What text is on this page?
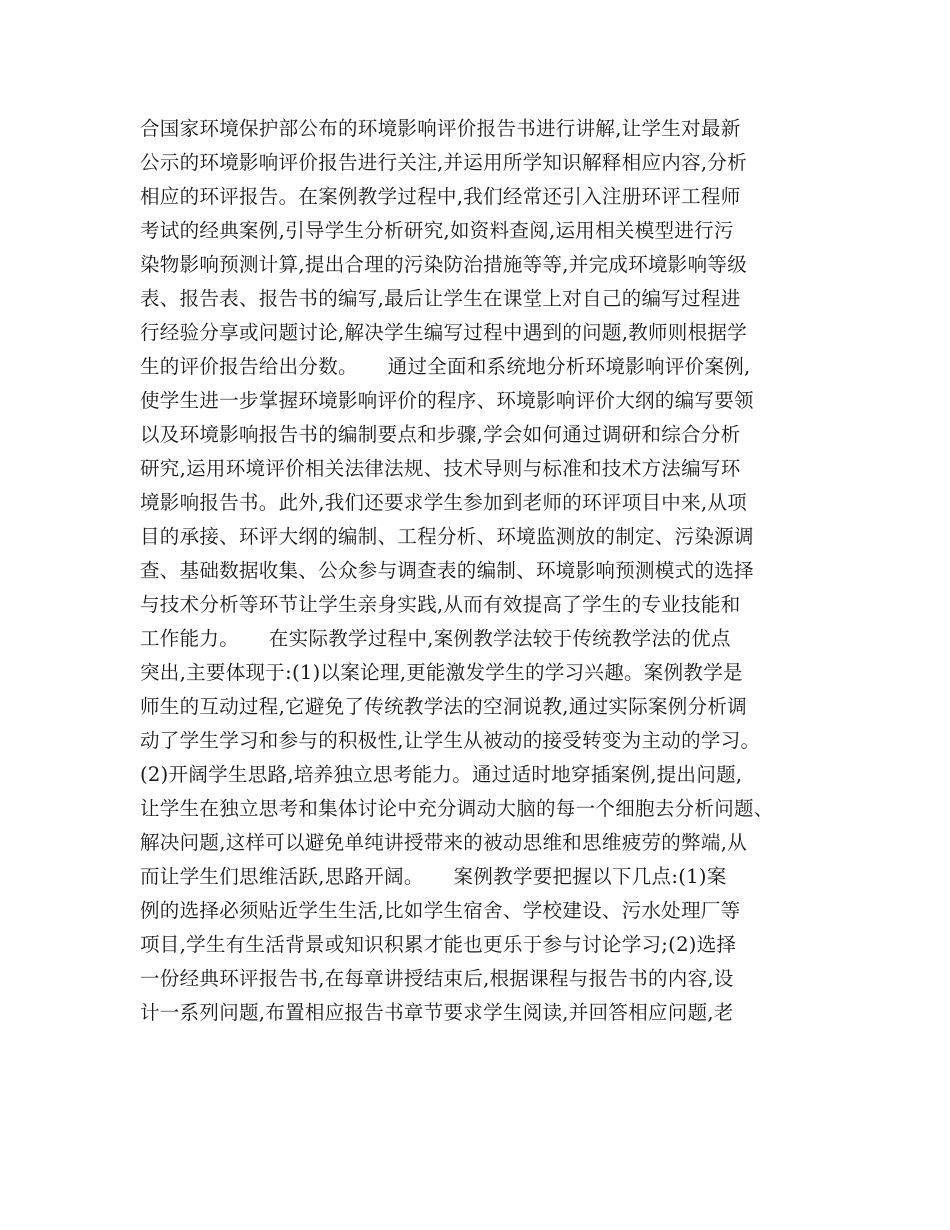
合国家环境保护部公布的环境影响评价报告书进行讲解,让学生对最新
公示的环境影响评价报告进行关注,并运用所学知识解释相应内容,分析
相应的环评报告。在案例教学过程中,我们经常还引入注册环评工程师
考试的经典案例,引导学生分析研究,如资料查阅,运用相关模型进行污
染物影响预测计算,提出合理的污染防治措施等等,并完成环境影响等级
表、报告表、报告书的编写,最后让学生在课堂上对自己的编写过程进
行经验分享或问题讨论,解决学生编写过程中遇到的问题,教师则根据学
生的评价报告给出分数。　　通过全面和系统地分析环境影响评价案例,
使学生进一步掌握环境影响评价的程序、环境影响评价大纲的编写要领
以及环境影响报告书的编制要点和步骤,学会如何通过调研和综合分析
研究,运用环境评价相关法律法规、技术导则与标准和技术方法编写环
境影响报告书。此外,我们还要求学生参加到老师的环评项目中来,从项
目的承接、环评大纲的编制、工程分析、环境监测放的制定、污染源调
查、基础数据收集、公众参与调查表的编制、环境影响预测模式的选择
与技术分析等环节让学生亲身实践,从而有效提高了学生的专业技能和
工作能力。　　在实际教学过程中,案例教学法较于传统教学法的优点
突出,主要体现于:(1)以案论理,更能激发学生的学习兴趣。案例教学是
师生的互动过程,它避免了传统教学法的空洞说教,通过实际案例分析调
动了学生学习和参与的积极性,让学生从被动的接受转变为主动的学习。
(2)开阔学生思路,培养独立思考能力。通过适时地穿插案例,提出问题,
让学生在独立思考和集体讨论中充分调动大脑的每一个细胞去分析问题、
解决问题,这样可以避免单纯讲授带来的被动思维和思维疲劳的弊端,从
而让学生们思维活跃,思路开阔。　　案例教学要把握以下几点:(1)案
例的选择必须贴近学生生活,比如学生宿舍、学校建设、污水处理厂等
项目,学生有生活背景或知识积累才能也更乐于参与讨论学习;(2)选择
一份经典环评报告书,在每章讲授结束后,根据课程与报告书的内容,设
计一系列问题,布置相应报告书章节要求学生阅读,并回答相应问题,老
